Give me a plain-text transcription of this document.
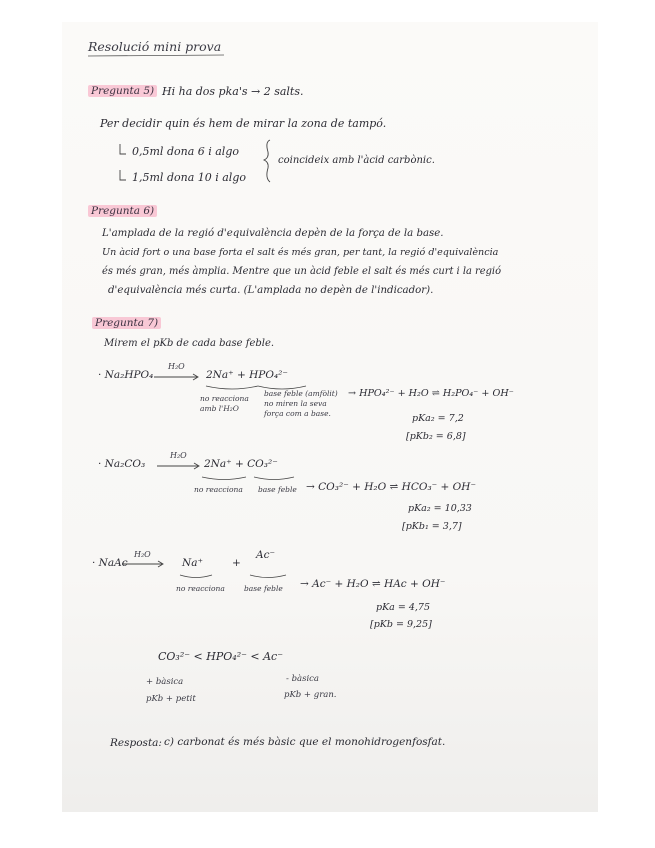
Resolució mini prova
Pregunta 5) Hi ha dos pka's → 2 salts.
Per decidir quin és hem de mirar la zona de tampó.
0,5ml dona 6 i algo
1,5ml dona 10 i algo
coincideix amb l'àcid carbònic.
Pregunta 6)
L'amplada de la regió d'equivalència depèn de la força de la base.
Un àcid fort o una base forta el salt és més gran, per tant, la regió d'equivalència
és més gran, més àmplia. Mentre que un àcid feble el salt és més curt i la regió
d'equivalència més curta. (L'amplada no depèn de l'indicador).
Pregunta 7)
Mirem el pKb de cada base feble.
· Na₂HPO₄
H₂O
2Na⁺ + HPO₄²⁻
no reacciona
amb l'H₂O
base feble (amfòlit)
no miren la seva
força com a base.
→ HPO₄²⁻ + H₂O ⇌ H₂PO₄⁻ + OH⁻
pKa₂ = 7,2
[pKb₂ = 6,8]
· Na₂CO₃
H₂O
2Na⁺ + CO₃²⁻
no reacciona base feble → CO₃²⁻ + H₂O ⇌ HCO₃⁻ + OH⁻
pKa₂ = 10,33
[pKb₁ = 3,7]
· NaAc
H₂O
Na⁺	+
Ac⁻
no reacciona	base feble → Ac⁻ + H₂O ⇌ HAc + OH⁻
pKa = 4,75
[pKb = 9,25]
CO₃²⁻ < HPO₄²⁻ < Ac⁻
+ bàsica
pKb + petit
- bàsica
pKb + gran.
Resposta: c) carbonat és més bàsic que el monohidrogenfosfat.
